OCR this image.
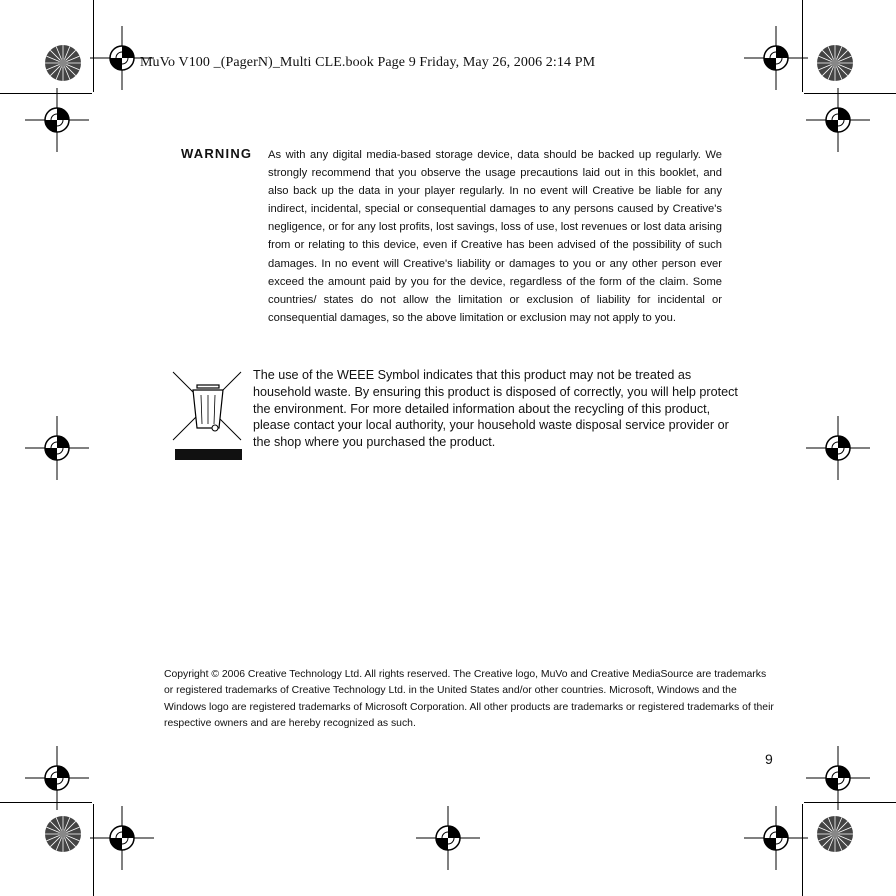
MuVo V100 _(PagerN)_Multi CLE.book Page 9 Friday, May 26, 2006 2:14 PM
WARNING As with any digital media-based storage device, data should be backed up regularly. We strongly recommend that you observe the usage precautions laid out in this booklet, and also back up the data in your player regularly. In no event will Creative be liable for any indirect, incidental, special or consequential damages to any persons caused by Creative's negligence, or for any lost profits, lost savings, loss of use, lost revenues or lost data arising from or relating to this device, even if Creative has been advised of the possibility of such damages. In no event will Creative's liability or damages to you or any other person ever exceed the amount paid by you for the device, regardless of the form of the claim. Some countries/ states do not allow the limitation or exclusion of liability for incidental or consequential damages, so the above limitation or exclusion may not apply to you.
The use of the WEEE Symbol indicates that this product may not be treated as household waste. By ensuring this product is disposed of correctly, you will help protect the environment. For more detailed information about the recycling of this product, please contact your local authority, your household waste disposal service provider or the shop where you purchased the product.
Copyright © 2006 Creative Technology Ltd. All rights reserved. The Creative logo, MuVo and Creative MediaSource are trademarks or registered trademarks of Creative Technology Ltd. in the United States and/or other countries. Microsoft, Windows and the Windows logo are registered trademarks of Microsoft Corporation. All other products are trademarks or registered trademarks of their respective owners and are hereby recognized as such.
9
